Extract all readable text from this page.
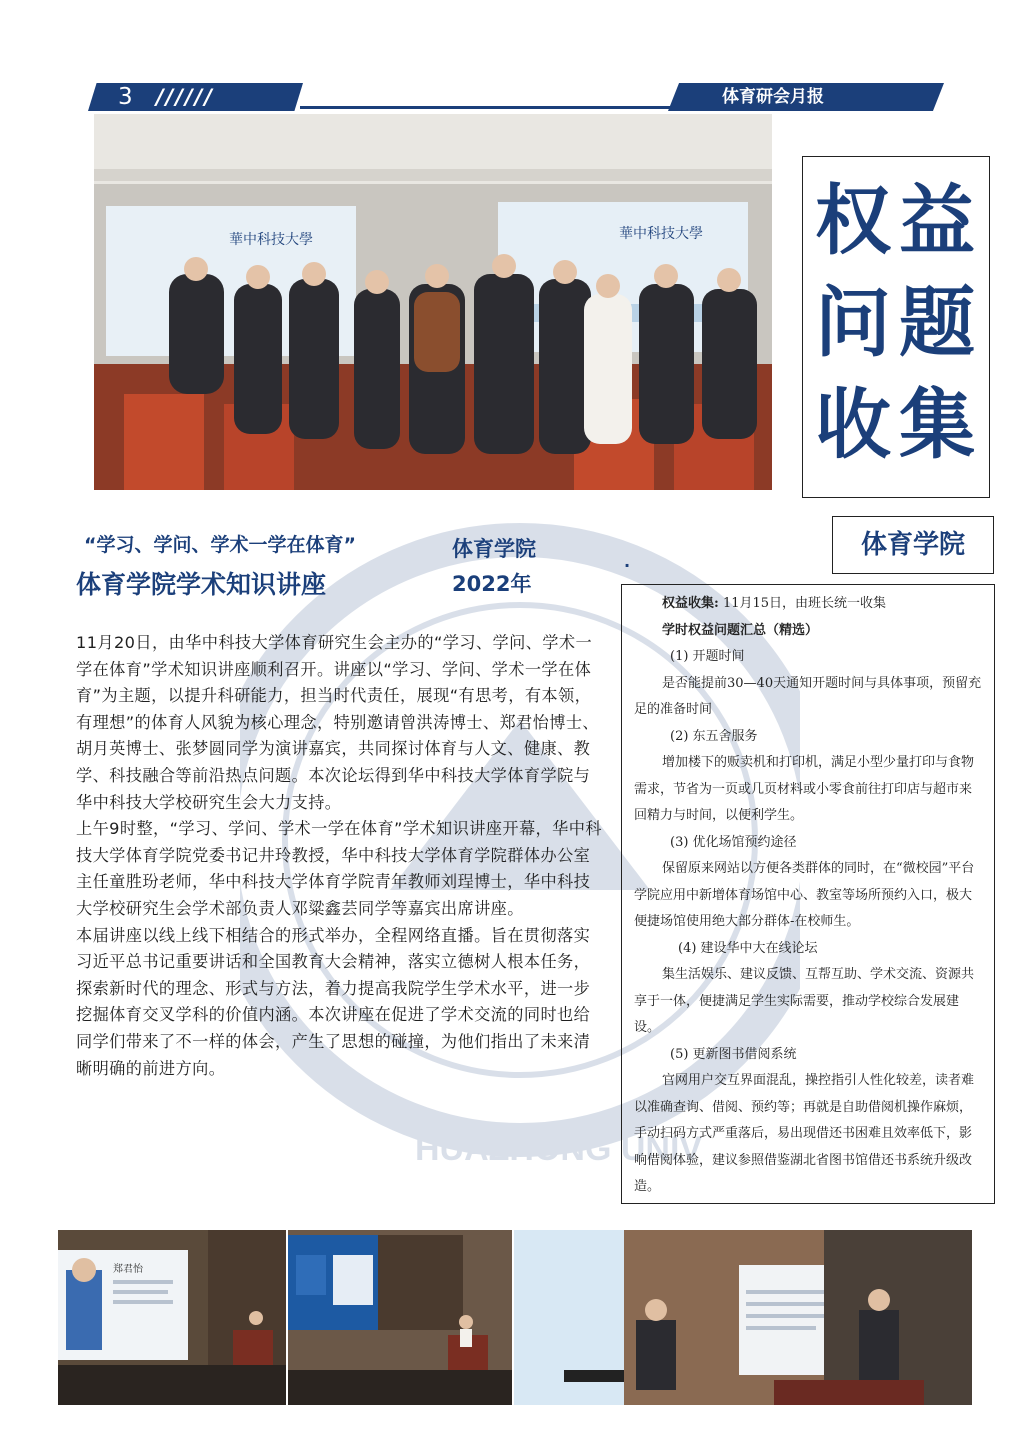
HUAZHONG UNIV
3 //////	体育研会月报
華中科技大學	華中科技大學 权 益
问 题
收 集
体育学院
“学习、学问、学术一学在体育”
体育学院学术知识讲座
体育学院
2022年
·

11月20日，由华中科技大学体育研究生会主办的“学习、学问、学术一学在体育”学术知识讲座顺利召开。讲座以“学习、学问、学术一学在体育”为主题，以提升科研能力，担当时代责任，展现“有思考，有本领，有理想”的体育人风貌为核心理念，特别邀请曾洪涛博士、郑君怡博士、胡月英博士、张梦圆同学为演讲嘉宾，共同探讨体育与人文、健康、教学、科技融合等前沿热点问题。本次论坛得到华中科技大学体育学院与华中科技大学校研究生会大力支持。

上午9时整，“学习、学问、学术一学在体育”学术知识讲座开幕，华中科技大学体育学院党委书记井玲教授，华中科技大学体育学院群体办公室主任童胜玢老师，华中科技大学体育学院青年教师刘珵博士，华中科技大学校研究生会学术部负责人邓粱鑫芸同学等嘉宾出席讲座。

本届讲座以线上线下相结合的形式举办，全程网络直播。旨在贯彻落实习近平总书记重要讲话和全国教育大会精神，落实立德树人根本任务，探索新时代的理念、形式与方法，着力提高我院学生学术水平，进一步挖掘体育交叉学科的价值内涵。本次讲座在促进了学术交流的同时也给同学们带来了不一样的体会，产生了思想的碰撞，为他们指出了未来清晰明确的前进方向。

权益收集: 11月15日，由班长统一收集

学时权益问题汇总（精选）

(1) 开题时间

是否能提前30—40天通知开题时间与具体事项，预留充足的准备时间

(2) 东五舍服务

增加楼下的贩卖机和打印机，满足小型少量打印与食物需求，节省为一页或几页材料或小零食前往打印店与超市来回精力与时间，以便利学生。

(3) 优化场馆预约途径

保留原来网站以方便各类群体的同时，在“微校园”平台学院应用中新增体育场馆中心、教室等场所预约入口，极大便捷场馆使用绝大部分群体-在校师生。

(4) 建设华中大在线论坛

集生活娱乐、建议反馈、互帮互助、学术交流、资源共享于一体，便捷满足学生实际需要，推动学校综合发展建设。

(5) 更新图书借阅系统

官网用户交互界面混乱，操控指引人性化较差，读者难以准确查询、借阅、预约等；再就是自助借阅机操作麻烦，手动扫码方式严重落后，易出现借还书困难且效率低下，影响借阅体验，建议参照借鉴湖北省图书馆借还书系统升级改造。

郑君怡
